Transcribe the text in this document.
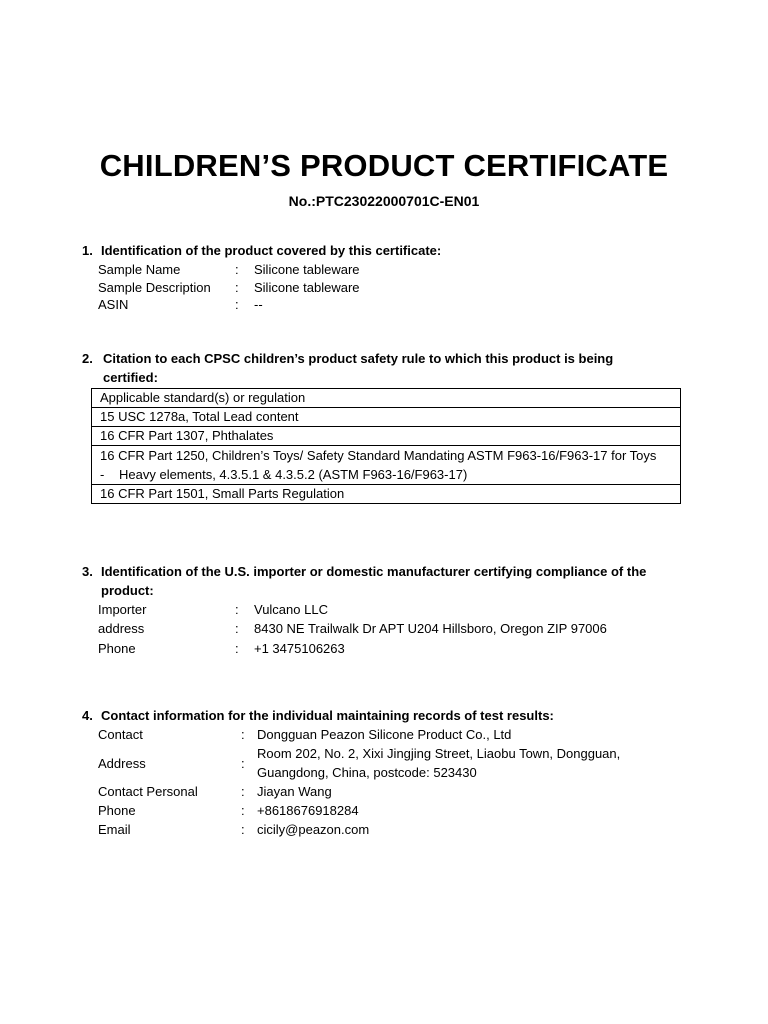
CHILDREN’S PRODUCT CERTIFICATE
No.:PTC23022000701C-EN01
1. Identification of the product covered by this certificate:
Sample Name	: Silicone tableware
Sample Description : Silicone tableware
ASIN	: --
2. Citation to each CPSC children’s product safety rule to which this product is being
certified:
Applicable standard(s) or regulation
15 USC 1278a, Total Lead content
16 CFR Part 1307, Phthalates

16 CFR Part 1250, Children’s Toys/ Safety Standard Mandating ASTM F963-16/F963-17 for Toys
- Heavy elements, 4.3.5.1 & 4.3.5.2 (ASTM F963-16/F963-17)

16 CFR Part 1501, Small Parts Regulation
3. Identification of the U.S. importer or domestic manufacturer certifying compliance of the
product:
Importer	: Vulcano LLC
address	: 8430 NE Trailwalk Dr APT U204 Hillsboro, Oregon ZIP 97006
Phone	: +1 3475106263
4. Contact information for the individual maintaining records of test results:
Contact	: Dongguan Peazon Silicone Product Co., Ltd
Address	:
Room 202, No. 2, Xixi Jingjing Street, Liaobu Town, Dongguan,
Guangdong, China, postcode: 523430
Contact Personal	: Jiayan Wang
Phone	: +8618676918284
Email	: cicily@peazon.com
